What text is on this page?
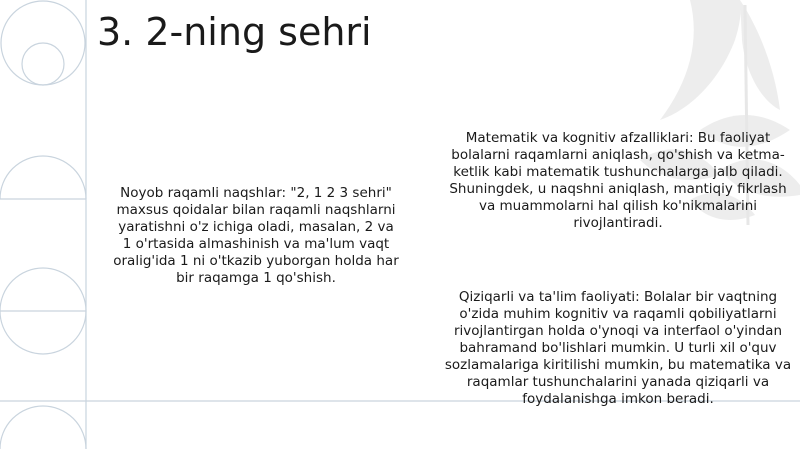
3. 2-ning sehri

Noyob raqamli naqshlar: "2, 1 2 3 sehri" maxsus qoidalar bilan raqamli naqshlarni yaratishni o'z ichiga oladi, masalan, 2 va 1 o'rtasida almashinish va ma'lum vaqt oralig'ida 1 ni o'tkazib yuborgan holda har bir raqamga 1 qo'shish.

Matematik va kognitiv afzalliklari: Bu faoliyat bolalarni raqamlarni aniqlash, qo'shish va ketma-ketlik kabi matematik tushunchalarga jalb qiladi. Shuningdek, u naqshni aniqlash, mantiqiy fikrlash va muammolarni hal qilish ko'nikmalarini rivojlantiradi.

Qiziqarli va ta'lim faoliyati: Bolalar bir vaqtning o'zida muhim kognitiv va raqamli qobiliyatlarni rivojlantirgan holda o'ynoqi va interfaol o'yindan bahramand bo'lishlari mumkin. U turli xil o'quv sozlamalariga kiritilishi mumkin, bu matematika va raqamlar tushunchalarini yanada qiziqarli va foydalanishga imkon beradi.
